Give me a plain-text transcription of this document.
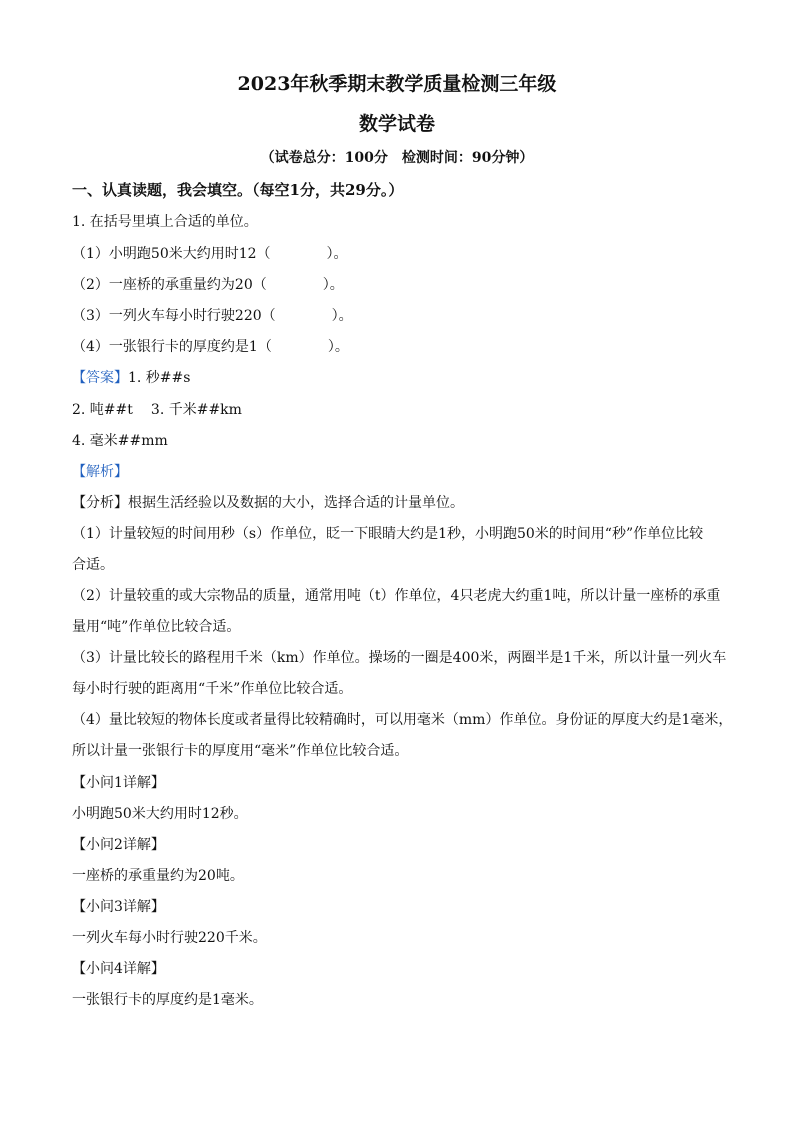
2023年秋季期末教学质量检测三年级
数学试卷
（试卷总分：100分　检测时间：90分钟）
一、认真读题，我会填空。（每空1分，共29分。）
1. 在括号里填上合适的单位。
（1）小明跑50米大约用时12（　　　　）。
（2）一座桥的承重量约为20（　　　　）。
（3）一列火车每小时行驶220（　　　　）。
（4）一张银行卡的厚度约是1（　　　　）。
【答案】1. 秒##s
2. 吨##t 3. 千米##km
4. 毫米##mm
【解析】
【分析】根据生活经验以及数据的大小，选择合适的计量单位。
（1）计量较短的时间用秒（s）作单位，眨一下眼睛大约是1秒，小明跑50米的时间用“秒”作单位比较
合适。
（2）计量较重的或大宗物品的质量，通常用吨（t）作单位，4只老虎大约重1吨，所以计量一座桥的承重
量用“吨”作单位比较合适。
（3）计量比较长的路程用千米（km）作单位。操场的一圈是400米，两圈半是1千米，所以计量一列火车
每小时行驶的距离用“千米”作单位比较合适。
（4）量比较短的物体长度或者量得比较精确时，可以用毫米（mm）作单位。身份证的厚度大约是1毫米，
所以计量一张银行卡的厚度用“毫米”作单位比较合适。
【小问1详解】
小明跑50米大约用时12秒。
【小问2详解】
一座桥的承重量约为20吨。
【小问3详解】
一列火车每小时行驶220千米。
【小问4详解】
一张银行卡的厚度约是1毫米。
